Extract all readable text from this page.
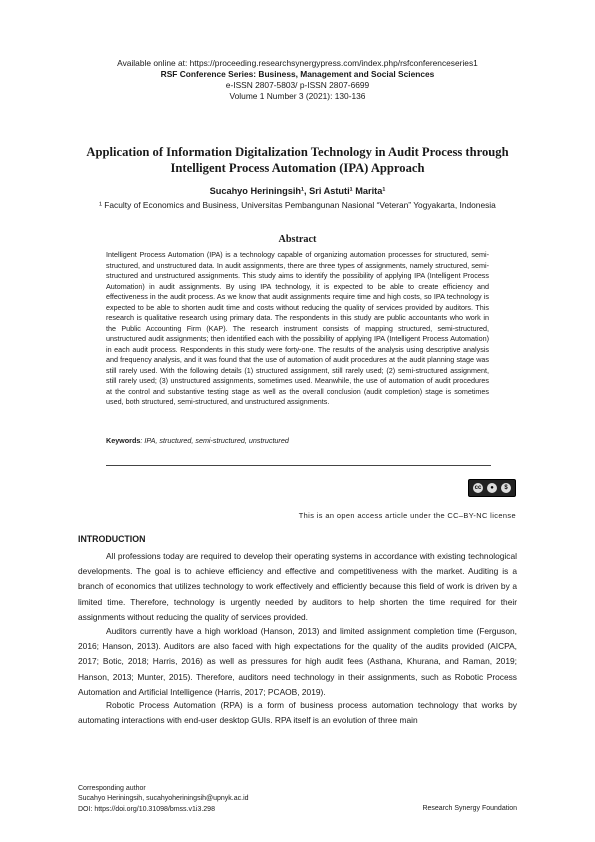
Available online at: https://proceeding.researchsynergypress.com/index.php/rsfconferenceseries1
RSF Conference Series: Business, Management and Social Sciences
e-ISSN 2807-5803/ p-ISSN 2807-6699
Volume 1 Number 3 (2021): 130-136
Application of Information Digitalization Technology in Audit Process through Intelligent Process Automation (IPA) Approach
Sucahyo Heriningsih¹, Sri Astuti¹ Marita¹
¹ Faculty of Economics and Business, Universitas Pembangunan Nasional “Veteran” Yogyakarta, Indonesia
Abstract
Intelligent Process Automation (IPA) is a technology capable of organizing automation processes for structured, semi-structured, and unstructured data. In audit assignments, there are three types of assignments, namely structured, semi-structured and unstructured assignments. This study aims to identify the possibility of applying IPA (Intelligent Process Automation) in audit assignments. By using IPA technology, it is expected to be able to create efficiency and effectiveness in the audit process. As we know that audit assignments require time and high costs, so IPA technology is expected to be able to shorten audit time and costs without reducing the quality of services provided by auditors. This research is qualitative research using primary data. The respondents in this study are public accountants who work in the Public Accounting Firm (KAP). The research instrument consists of mapping structured, semi-structured, unstructured audit assignments; then identified each with the possibility of applying IPA (Intelligent Process Automation) in each audit process. Respondents in this study were forty-one. The results of the analysis using descriptive analysis and frequency analysis, and it was found that the use of automation of audit procedures at the audit planning stage was still rarely used. With the following details (1) structured assignment, still rarely used; (2) semi-structured assignment, still rarely used; (3) unstructured assignments, sometimes used. Meanwhile, the use of automation of audit procedures at the control and substantive testing stage as well as the overall conclusion (audit completion) stage is sometimes used, both structured, semi-structured, and unstructured assignments.
Keywords: IPA, structured, semi-structured, unstructured
cc	●	$
This is an open access article under the CC–BY-NC license
INTRODUCTION

All professions today are required to develop their operating systems in accordance with existing technological developments. The goal is to achieve efficiency and effective and competitiveness with the market. Auditing is a branch of economics that utilizes technology to work effectively and efficiently because this field of work is driven by a limited time. Therefore, technology is urgently needed by auditors to help shorten the time required for their assignments without reducing the quality of services provided.

Auditors currently have a high workload (Hanson, 2013) and limited assignment completion time (Ferguson, 2016; Hanson, 2013). Auditors are also faced with high expectations for the quality of the audits provided (AICPA, 2017; Botic, 2018; Harris, 2016) as well as pressures for high audit fees (Asthana, Khurana, and Raman, 2019; Hanson, 2013; Munter, 2015). Therefore, auditors need technology in their assignments, such as Robotic Process Automation and Artificial Intelligence (Harris, 2017; PCAOB, 2019).

Robotic Process Automation (RPA) is a form of business process automation technology that works by automating interactions with end-user desktop GUIs. RPA itself is an evolution of three main

Corresponding author
Sucahyo Heriningsih, sucahyoheriningsih@upnyk.ac.id
DOI: https://doi.org/10.31098/bmss.v1i3.298	Research Synergy Foundation
